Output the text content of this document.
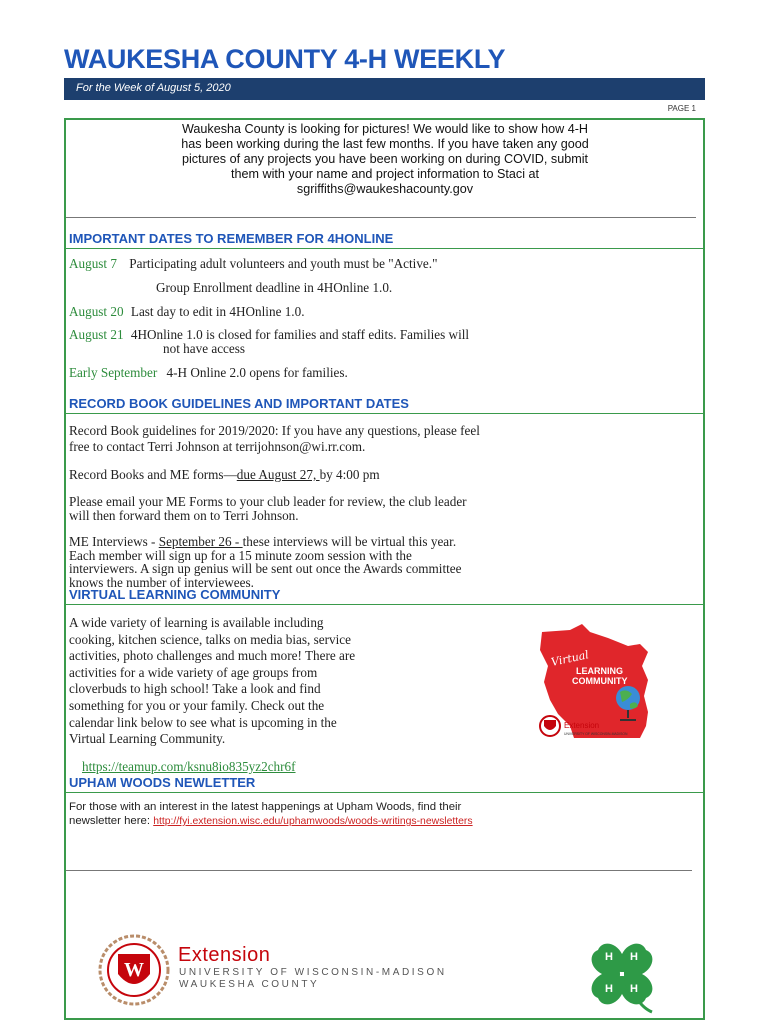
WAUKESHA COUNTY 4-H WEEKLY
For the Week of August 5, 2020
PAGE 1
Waukesha County is looking for pictures! We would like to show how 4-H
has been working during the last few months. If you have taken any good
pictures of any projects you have been working on during COVID, submit
them with your name and project information to Staci at
sgriffiths@waukeshacounty.gov
IMPORTANT DATES TO REMEMBER FOR 4HONLINE
August 7 Participating adult volunteers and youth must be "Active."
Group Enrollment deadline in 4HOnline 1.0.
August 20 Last day to edit in 4HOnline 1.0.
August 21 4HOnline 1.0 is closed for families and staff edits. Families will
not have access
Early September 4-H Online 2.0 opens for families.
RECORD BOOK GUIDELINES AND IMPORTANT DATES
Record Book guidelines for 2019/2020: If you have any questions, please feel
free to contact Terri Johnson at terrijohnson@wi.rr.com.
Record Books and ME forms—due August 27, by 4:00 pm
Please email your ME Forms to your club leader for review, the club leader
will then forward them on to Terri Johnson.
ME Interviews - September 26 - these interviews will be virtual this year.
Each member will sign up for a 15 minute zoom session with the
interviewers. A sign up genius will be sent out once the Awards committee
knows the number of interviewees.
VIRTUAL LEARNING COMMUNITY
A wide variety of learning is available including
cooking, kitchen science, talks on media bias, service
activities, photo challenges and much more! There are
activities for a wide variety of age groups from
cloverbuds to high school! Take a look and find
something for you or your family. Check out the
calendar link below to see what is upcoming in the
Virtual Learning Community.
Virtual
LEARNING
COMMUNITY
Extension
UNIVERSITY OF WISCONSIN-MADISON
https://teamup.com/ksnu8io835yz2chr6f
UPHAM WOODS NEWLETTER
For those with an interest in the latest happenings at Upham Woods, find their
newsletter here: http://fyi.extension.wisc.edu/uphamwoods/woods-writings-newsletters
W
Extension
UNIVERSITY OF WISCONSIN-MADISON
WAUKESHA COUNTY
H H
H H
